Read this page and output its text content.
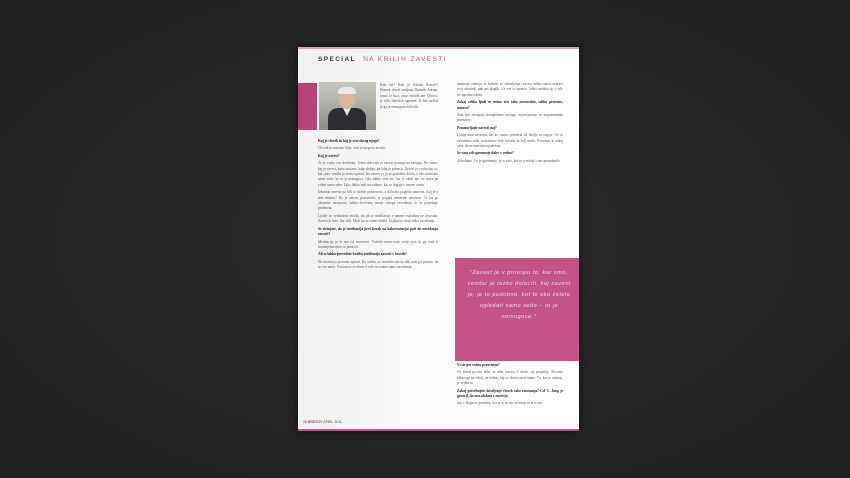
SPECIAL NA KRILIH ZAVESTI

Kdo ste? Kdo je Adrian Kouzle? Homek sluvel otrdjena Dunaaft Adrian, zmno to bizt, cetus nelnde nur Ghosot, je telki bdivlielt ugoeine. Je bus sarlkd je ga je nemogutn dolocile.

Kaj je clovek in kaj je svet okrog njega?

Clovek je sorocno bitje, svet je njegovo zrcalo.

Kaj je zavest?

Ta je vsako vse definirati. Temu doloceju je zavest pomagi na okvagu. Ne vemo, kaj je zavest, kako nastane, kako deluje, ga kdaj je prinesti. Zavest je v principu to, kar smo, vendar jo tezko opisati, kot zavest je, je to podobno, kot bi o oko ozkusalo samo sebe, ko to je nemogoce. Oko lahko vidi vse, kar je okoli nje, ne more pa videti samo sebe. Tako lahko tudi mi vidimo, kaj se dogaja v nasem svetu.

Izkusnja zavesti pa seli iz doline pozornosti, z dolocila pogledo naravne. Kaj je s tem mislim? Ko je zavest pozornosti, je pogled usmerjen navzven. Ce pa ga obrnemo navznoter, lahko dozivimo stanje cistega zavedanja, ki ne potrebuje predmeta.

Ljudje so velikokrat mislili, da jih je meditacija v nasem vsakdanu ne resevala. Zavest je tisto, kar vidi. Misli pa so samo oblaki, ki plujejo skozi nebo zavedanja.

Se strinjate, da je meditacija prvi korak na kakovostnejse poti do zavedanja zavesti?

Meditacija je le ena od moznosti. Vsakdo mora najti svojo pot, ki ga vodi k notranjemu miru in jasnosti.

Ali se lahko prevedete kratko meditacijo zavesti v besede?

Ne morem jo povsem opisati. Ko sedim, se osredotocim na dih, nato pa pustim, da se vse umiri. Pozornost se obrne k sebi in ostane samo zavedanje.

razmerje zdravja in bolezni je zdravljenje, zavest lahko sama ozdravi svoj obcutek, tudi pri drugih. Ce vse to opazite, lahko meditacijo v telo ter ugodno zdravi.

Zakaj veliko ljudi se vedno zivi tako nezavedno, toliko pretesno, naravo?

Zato ker obstajajo kompleksne razloge, najverjetneje so nepomembne predstave.

Ponazorljajte zavesti naj?

Ljudje niso zavestni, ker so vsamo primerni od okolja in vzgoje. Ce se zavedamo sebe, postanemo bolj celoviti in bolj mirni. Potrebno je nekaj casa, da se naucimo opazovati.

Se vam zdi spremenje dalec v vedno?

Absolutno. Ce je spremenje, je to zato, ker se je nekaj v nas premaknilo.

"Zavest je v principu to, kar smo, vendar je tezko dolociti, kaj zavest je, je to podobno, kot bi oko zelelo ogledati samo sebe – to je nemogoce."

Vi ste pri vedno pozornejsi?

Ne zbiral pa mir dobi, se seba /zavest V niche, saj prijatelju. Ko sem zdravega za seboj, ne vidim, kaj se skriva pred mano. To, kar je znotraj, je vedno tu.

Zakaj potrebujete doseljenje clovek tako zarezanja? Cel C. Jung je govoril, da smo obdani z zavestjo.

Jun v Rogu se gravitira, kot je to ta vse od zmaz in je to res.

26 BREZOV APRIL 2011
